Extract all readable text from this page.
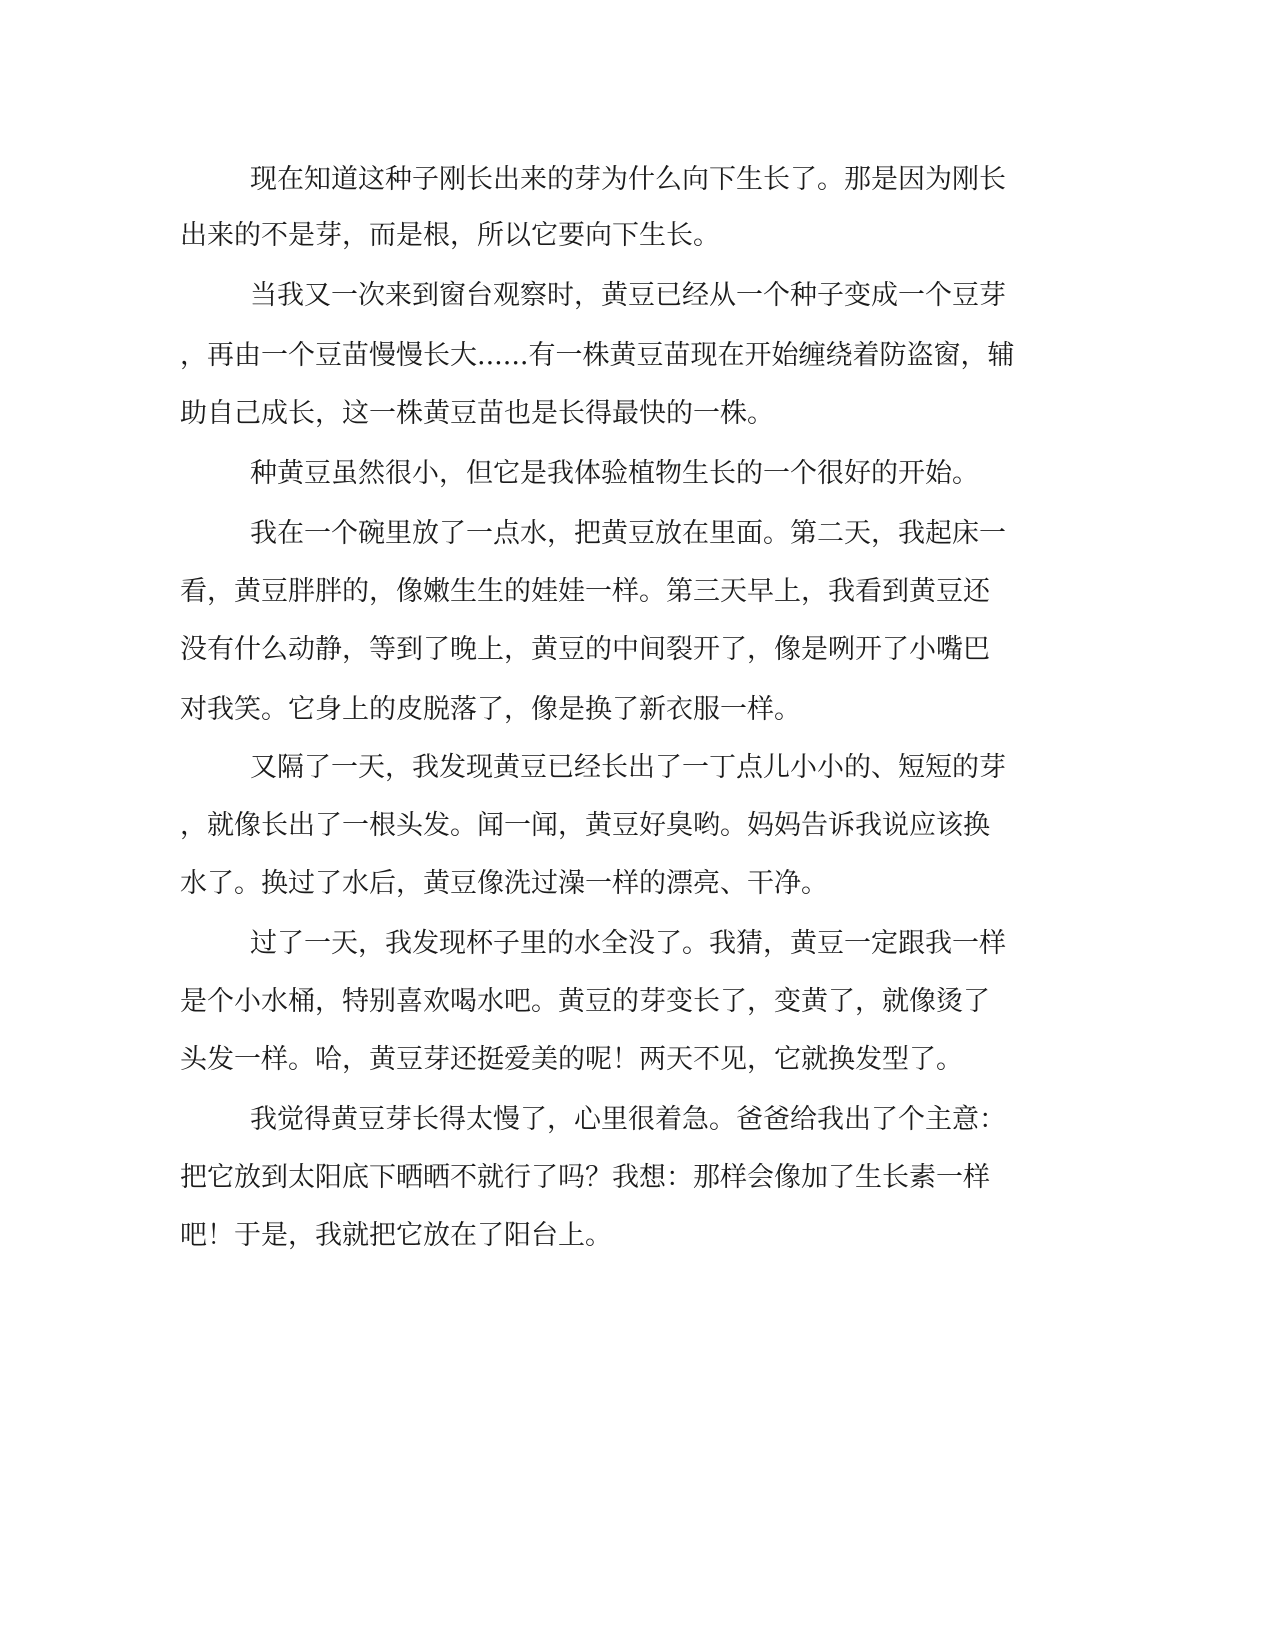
现在知道这种子刚长出来的芽为什么向下生长了。那是因为刚长

出来的不是芽，而是根，所以它要向下生长。

当我又一次来到窗台观察时，黄豆已经从一个种子变成一个豆芽

，再由一个豆苗慢慢长大......有一株黄豆苗现在开始缠绕着防盗窗，辅

助自己成长，这一株黄豆苗也是长得最快的一株。

种黄豆虽然很小，但它是我体验植物生长的一个很好的开始。

我在一个碗里放了一点水，把黄豆放在里面。第二天，我起床一

看，黄豆胖胖的，像嫩生生的娃娃一样。第三天早上，我看到黄豆还

没有什么动静，等到了晚上，黄豆的中间裂开了，像是咧开了小嘴巴

对我笑。它身上的皮脱落了，像是换了新衣服一样。

又隔了一天，我发现黄豆已经长出了一丁点儿小小的、短短的芽

，就像长出了一根头发。闻一闻，黄豆好臭哟。妈妈告诉我说应该换

水了。换过了水后，黄豆像洗过澡一样的漂亮、干净。

过了一天，我发现杯子里的水全没了。我猜，黄豆一定跟我一样

是个小水桶，特别喜欢喝水吧。黄豆的芽变长了，变黄了，就像烫了

头发一样。哈，黄豆芽还挺爱美的呢！两天不见，它就换发型了。

我觉得黄豆芽长得太慢了，心里很着急。爸爸给我出了个主意：

把它放到太阳底下晒晒不就行了吗？我想：那样会像加了生长素一样

吧！于是，我就把它放在了阳台上。
